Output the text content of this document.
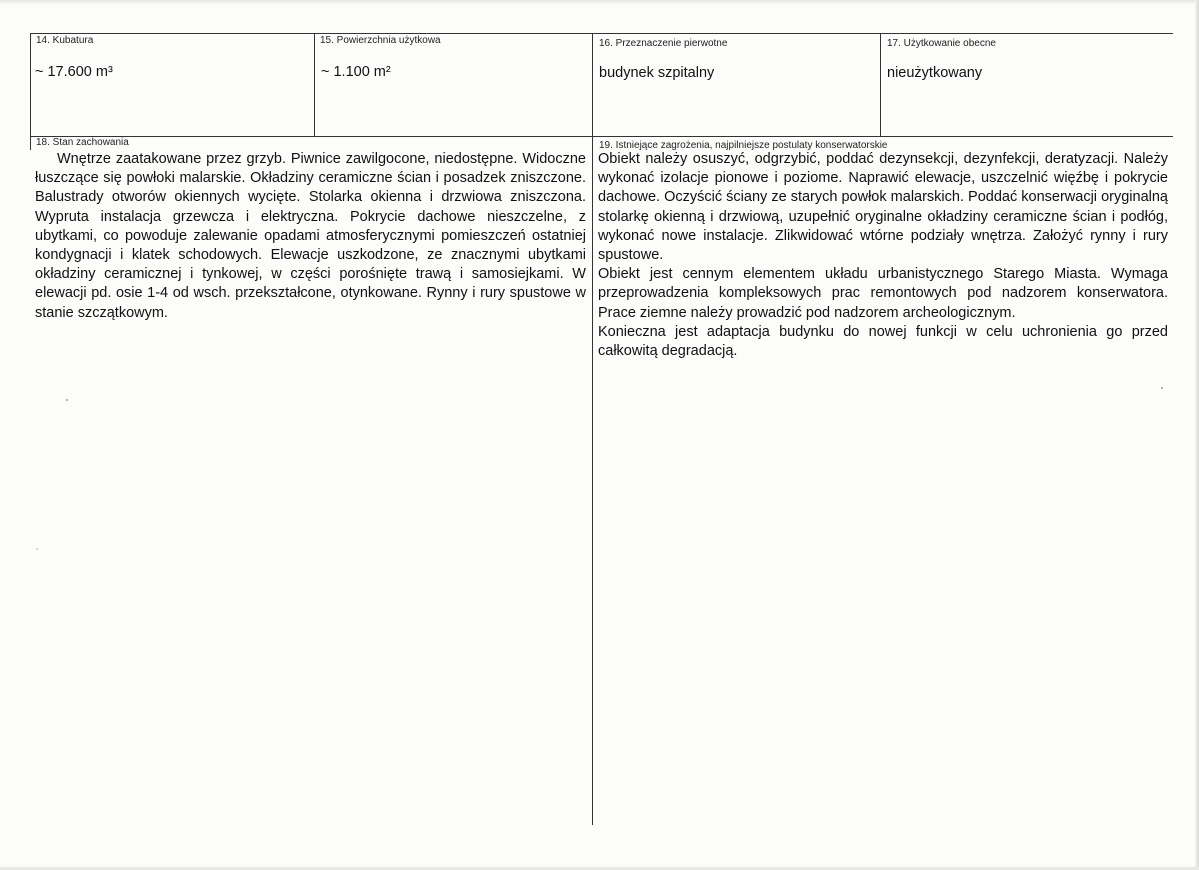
14. Kubatura
~ 17.600 m³
15. Powierzchnia użytkowa
~ 1.100 m²
16. Przeznaczenie pierwotne
budynek szpitalny
17. Użytkowanie obecne
nieużytkowany
18. Stan zachowania

Wnętrze zaatakowane przez grzyb. Piwnice zawilgocone, niedostępne. Widoczne łuszczące się powłoki malarskie. Okładziny ceramiczne ścian i posadzek zniszczone. Balustrady otworów okiennych wycięte. Stolarka okienna i drzwiowa zniszczona. Wypruta instalacja grzewcza i elektryczna. Pokrycie dachowe nieszczelne, z ubytkami, co powoduje zalewanie opadami atmosferycznymi pomieszczeń ostatniej kondygnacji i klatek schodowych. Elewacje uszkodzone, ze znacznymi ubytkami okładziny ceramicznej i tynkowej, w części porośnięte trawą i samosiejkami. W elewacji pd. osie 1-4 od wsch. przekształcone, otynkowane. Rynny i rury spustowe w stanie szczątkowym.

19. Istniejące zagrożenia, najpilniejsze postulaty konserwatorskie

Obiekt należy osuszyć, odgrzybić, poddać dezynsekcji, dezynfekcji, deratyzacji. Należy wykonać izolacje pionowe i poziome. Naprawić elewacje, uszczelnić więźbę i pokrycie dachowe. Oczyścić ściany ze starych powłok malarskich. Poddać konserwacji oryginalną stolarkę okienną i drzwiową, uzupełnić oryginalne okładziny ceramiczne ścian i podłóg, wykonać nowe instalacje. Zlikwidować wtórne podziały wnętrza. Założyć rynny i rury spustowe.

Obiekt jest cennym elementem układu urbanistycznego Starego Miasta. Wymaga przeprowadzenia kompleksowych prac remontowych pod nadzorem konserwatora. Prace ziemne należy prowadzić pod nadzorem archeologicznym.

Konieczna jest adaptacja budynku do nowej funkcji w celu uchronienia go przed całkowitą degradacją.
